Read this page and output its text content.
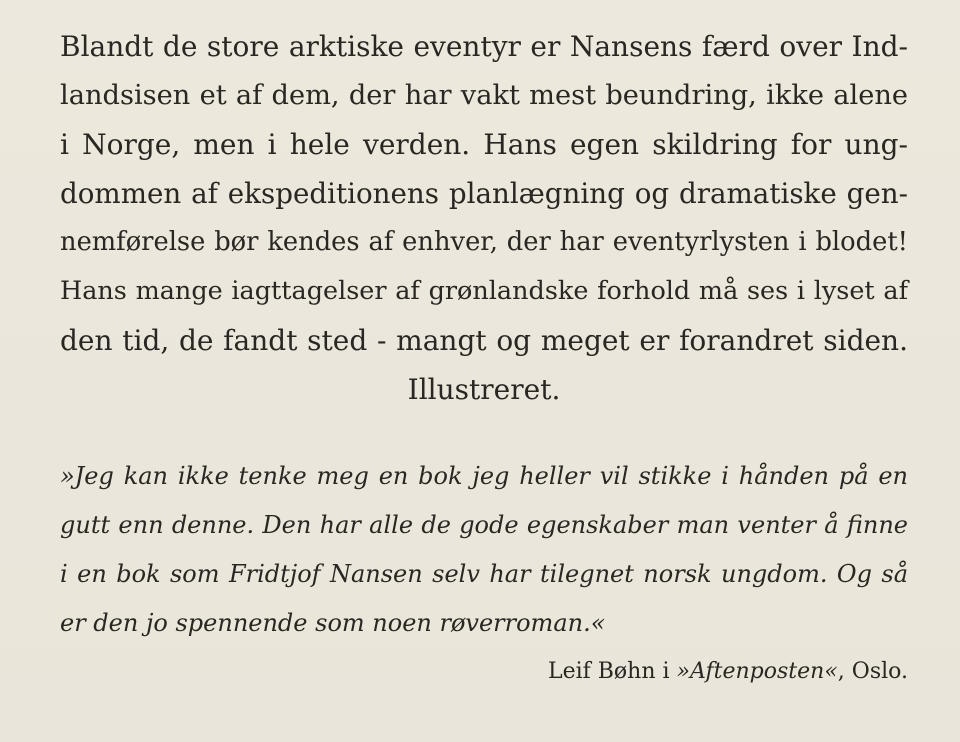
Blandt de store arktiske eventyr er Nansens færd over Ind-
landsisen et af dem, der har vakt mest beundring, ikke alene
i Norge, men i hele verden. Hans egen skildring for ung-
dommen af ekspeditionens planlægning og dramatiske gen-
nemførelse bør kendes af enhver, der har eventyrlysten i blodet!
Hans mange iagttagelser af grønlandske forhold må ses i lyset af
den tid, de fandt sted - mangt og meget er forandret siden.
Illustreret.
»Jeg kan ikke tenke meg en bok jeg heller vil stikke i hånden på en
gutt enn denne. Den har alle de gode egenskaber man venter å finne
i en bok som Fridtjof Nansen selv har tilegnet norsk ungdom. Og så
er den jo spennende som noen røverroman.«
Leif Bøhn i »Aftenposten«, Oslo.
